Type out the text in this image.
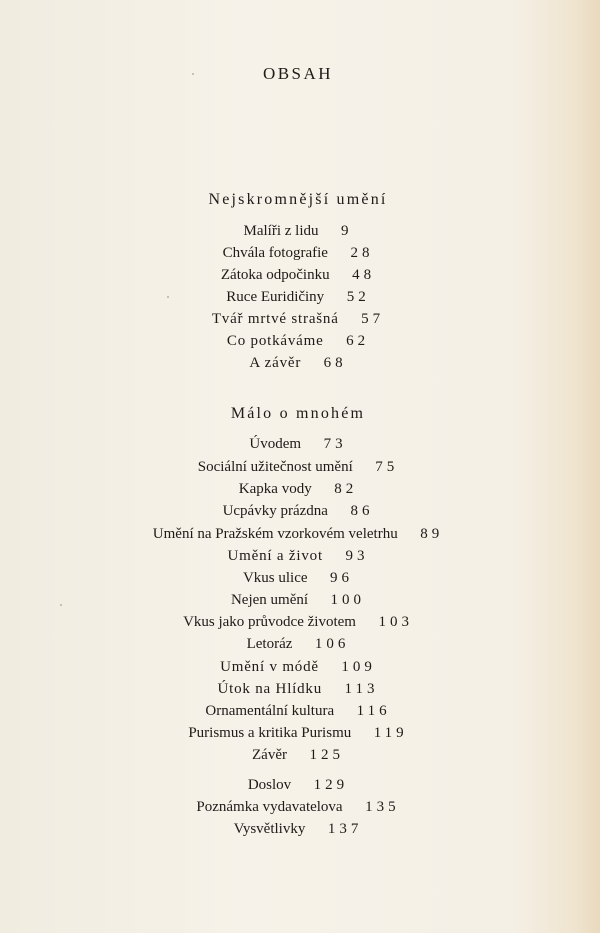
OBSAH
Nejskromnější umění
Malíři z lidu 9
Chvála fotografie 28
Zátoka odpočinku 48
Ruce Euridičiny 52
Tvář mrtvé strašná 57
Co potkáváme 62
A závěr 68
Málo o mnohém
Úvodem 73
Sociální užitečnost umění 75
Kapka vody 82
Ucpávky prázdna 86
Umění na Pražském vzorkovém veletrhu 89
Umění a život 93
Vkus ulice 96
Nejen umění 100
Vkus jako průvodce životem 103
Letoráz 106
Umění v módě 109
Útok na Hlídku 113
Ornamentální kultura 116
Purismus a kritika Purismu 119
Závěr 125
Doslov 129
Poznámka vydavatelova 135
Vysvětlivky 137
